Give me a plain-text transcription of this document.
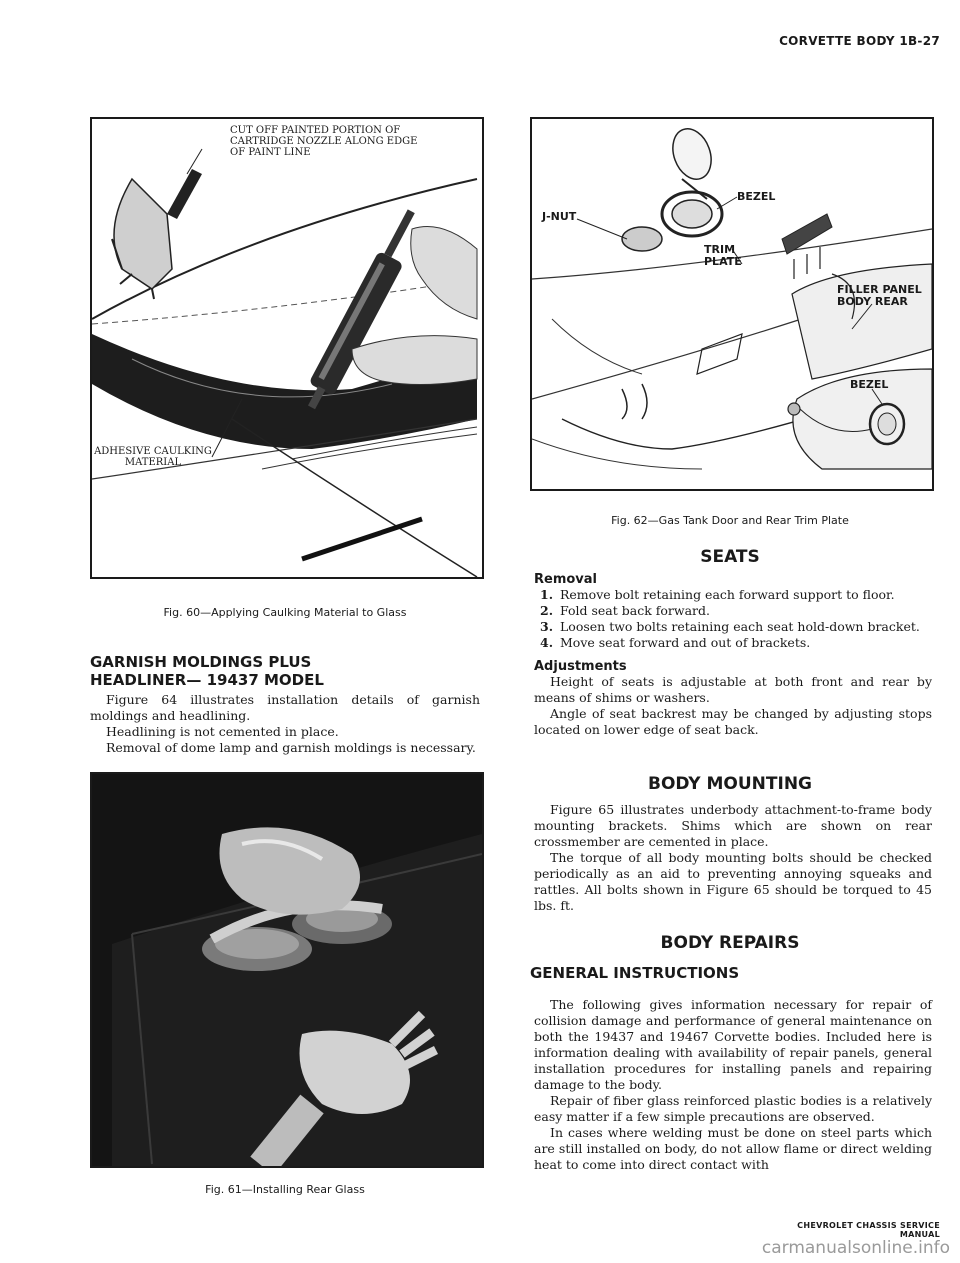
CORVETTE BODY 1B-27
CUT OFF PAINTED PORTION OF CARTRIDGE NOZZLE ALONG EDGE OF PAINT LINE
ADHESIVE CAULKING MATERIAL
Fig. 60—Applying Caulking Material to Glass
GARNISH MOLDINGS PLUS HEADLINER— 19437 MODEL

Figure 64 illustrates installation details of garnish moldings and headlining.

Headlining is not cemented in place.

Removal of dome lamp and garnish moldings is necessary.

Fig. 61—Installing Rear Glass
J-NUT
BEZEL
TRIM PLATE
FILLER PANEL BODY REAR
BEZEL
Fig. 62—Gas Tank Door and Rear Trim Plate
SEATS
Removal
1. Remove bolt retaining each forward support to floor.
2. Fold seat back forward.
3. Loosen two bolts retaining each seat hold-down bracket.
4. Move seat forward and out of brackets.
Adjustments

Height of seats is adjustable at both front and rear by means of shims or washers.

Angle of seat backrest may be changed by adjusting stops located on lower edge of seat back.

BODY MOUNTING

Figure 65 illustrates underbody attachment-to-frame body mounting brackets. Shims which are shown on rear crossmember are cemented in place.

The torque of all body mounting bolts should be checked periodically as an aid to preventing annoying squeaks and rattles. All bolts shown in Figure 65 should be torqued to 45 lbs. ft.

BODY REPAIRS
GENERAL INSTRUCTIONS

The following gives information necessary for repair of collision damage and performance of general maintenance on both the 19437 and 19467 Corvette bodies. Included here is information dealing with availability of repair panels, general installation procedures for installing panels and repairing damage to the body.

Repair of fiber glass reinforced plastic bodies is a relatively easy matter if a few simple precautions are observed.

In cases where welding must be done on steel parts which are still installed on body, do not allow flame or direct welding heat to come into direct contact with

CHEVROLET CHASSIS SERVICE MANUAL
carmanualsonline.info
